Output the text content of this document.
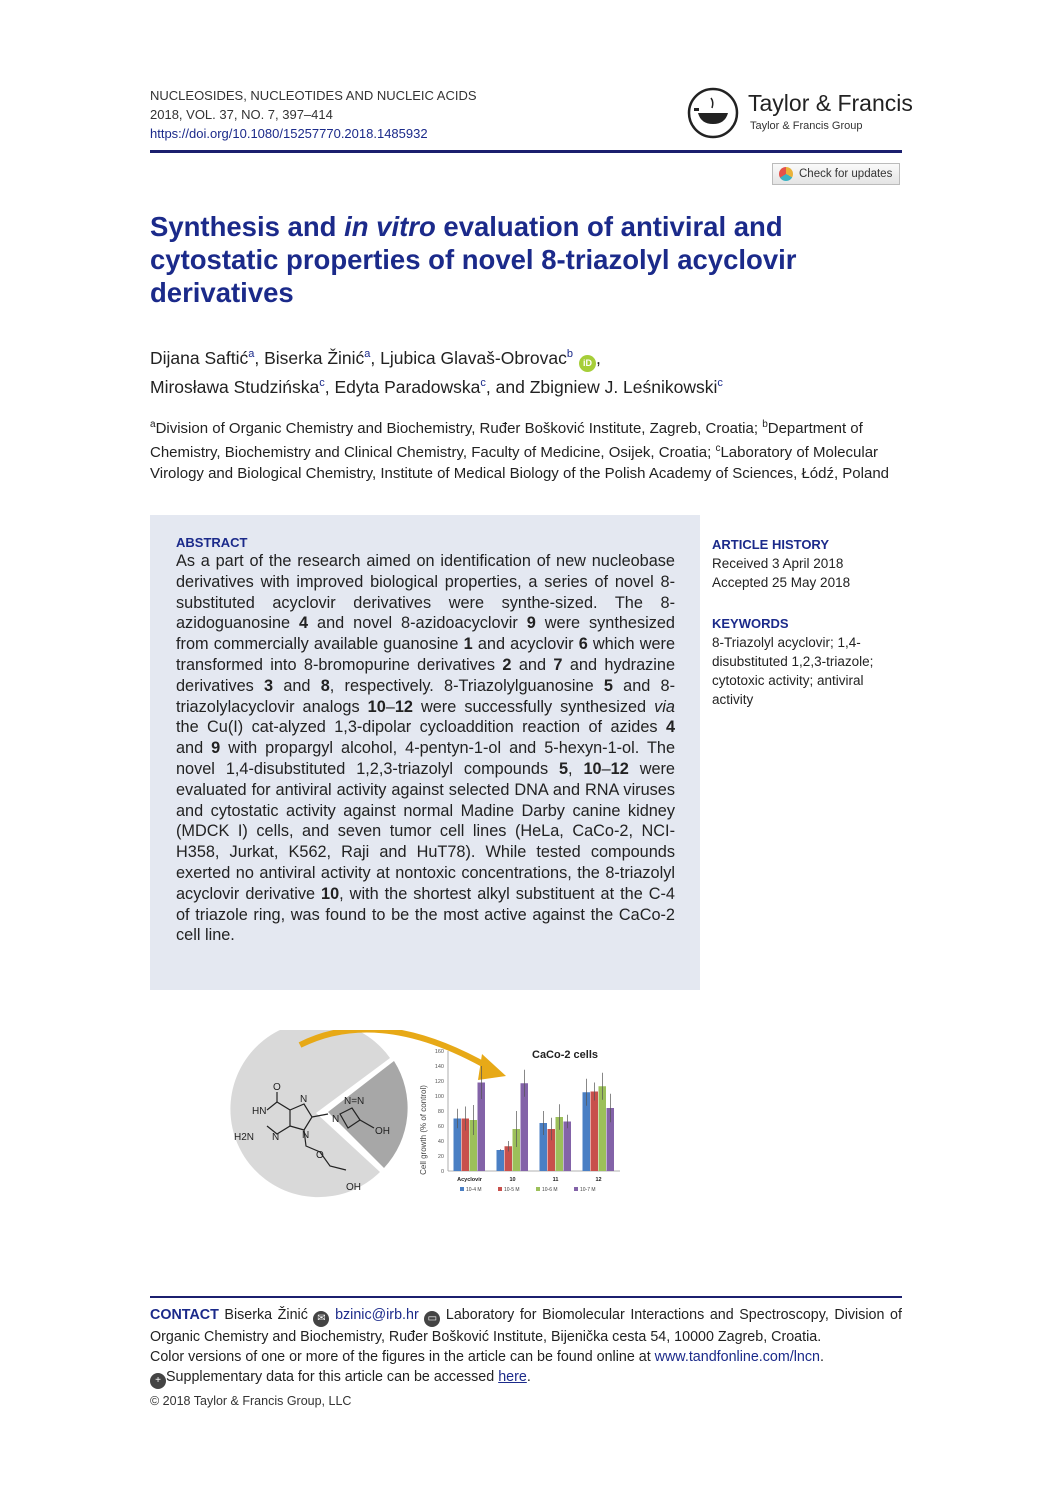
NUCLEOSIDES, NUCLEOTIDES AND NUCLEIC ACIDS
2018, VOL. 37, NO. 7, 397–414
https://doi.org/10.1080/15257770.2018.1485932
Taylor & Francis
Taylor & Francis Group
Check for updates
Synthesis and in vitro evaluation of antiviral and cytostatic properties of novel 8-triazolyl acyclovir derivatives
Dijana Saftić$^a$, Biserka Žinić$^a$, Ljubica Glavaš-Obrovac$^b$iD ,
Mirosława Studzińska$^c$, Edyta Paradowska$^c$, and Zbigniew J. Leśnikowski$^c$
$^a$Division of Organic Chemistry and Biochemistry, Ruđer Bošković Institute, Zagreb, Croatia; $^b$Department of Chemistry, Biochemistry and Clinical Chemistry, Faculty of Medicine, Osijek, Croatia; $^c$Laboratory of Molecular Virology and Biological Chemistry, Institute of Medical Biology of the Polish Academy of Sciences, Łódź, Poland
ABSTRACT
As a part of the research aimed on identification of new nucleobase derivatives with improved biological properties, a series of novel 8-substituted acyclovir derivatives were synthe-sized. The 8-azidoguanosine 4 and novel 8-azidoacyclovir 9 were synthesized from commercially available guanosine 1 and acyclovir 6 which were transformed into 8-bromopurine derivatives 2 and 7 and hydrazine derivatives 3 and 8, respectively. 8-Triazolylguanosine 5 and 8-triazolylacyclovir analogs 10–12 were successfully synthesized via the Cu(I) cat-alyzed 1,3-dipolar cycloaddition reaction of azides 4 and 9 with propargyl alcohol, 4-pentyn-1-ol and 5-hexyn-1-ol. The novel 1,4-disubstituted 1,2,3-triazolyl compounds 5, 10–12 were evaluated for antiviral activity against selected DNA and RNA viruses and cytostatic activity against normal Madine Darby canine kidney (MDCK I) cells, and seven tumor cell lines (HeLa, CaCo-2, NCI-H358, Jurkat, K562, Raji and HuT78). While tested compounds exerted no antiviral activity at nontoxic concentrations, the 8-triazolyl acyclovir derivative 10, with the shortest alkyl substituent at the C-4 of triazole ring, was found to be the most active against the CaCo-2 cell line.
ARTICLE HISTORY
Received 3 April 2018
Accepted 25 May 2018
KEYWORDS
8-Triazolyl acyclovir; 1,4-disubstituted 1,2,3-triazole; cytotoxic activity; antiviral activity
O
HN
N
N N
H2N
O
OH
N
N=N
OH
CaCo-2 cells
Cell growth (% of control) 0
20
40
60
80
100
120
140
160
Acyclovir	10	11	12
10-4 M	10-5 M	10-6 M	10-7 M
CONTACT Biserka Žinić ✉ bzinic@irb.hr ▭ Laboratory for Biomolecular Interactions and Spectroscopy, Division of Organic Chemistry and Biochemistry, Ruđer Bošković Institute, Bijenička cesta 54, 10000 Zagreb, Croatia.
Color versions of one or more of the figures in the article can be found online at www.tandfonline.com/lncn.
+ Supplementary data for this article can be accessed here.
© 2018 Taylor & Francis Group, LLC
